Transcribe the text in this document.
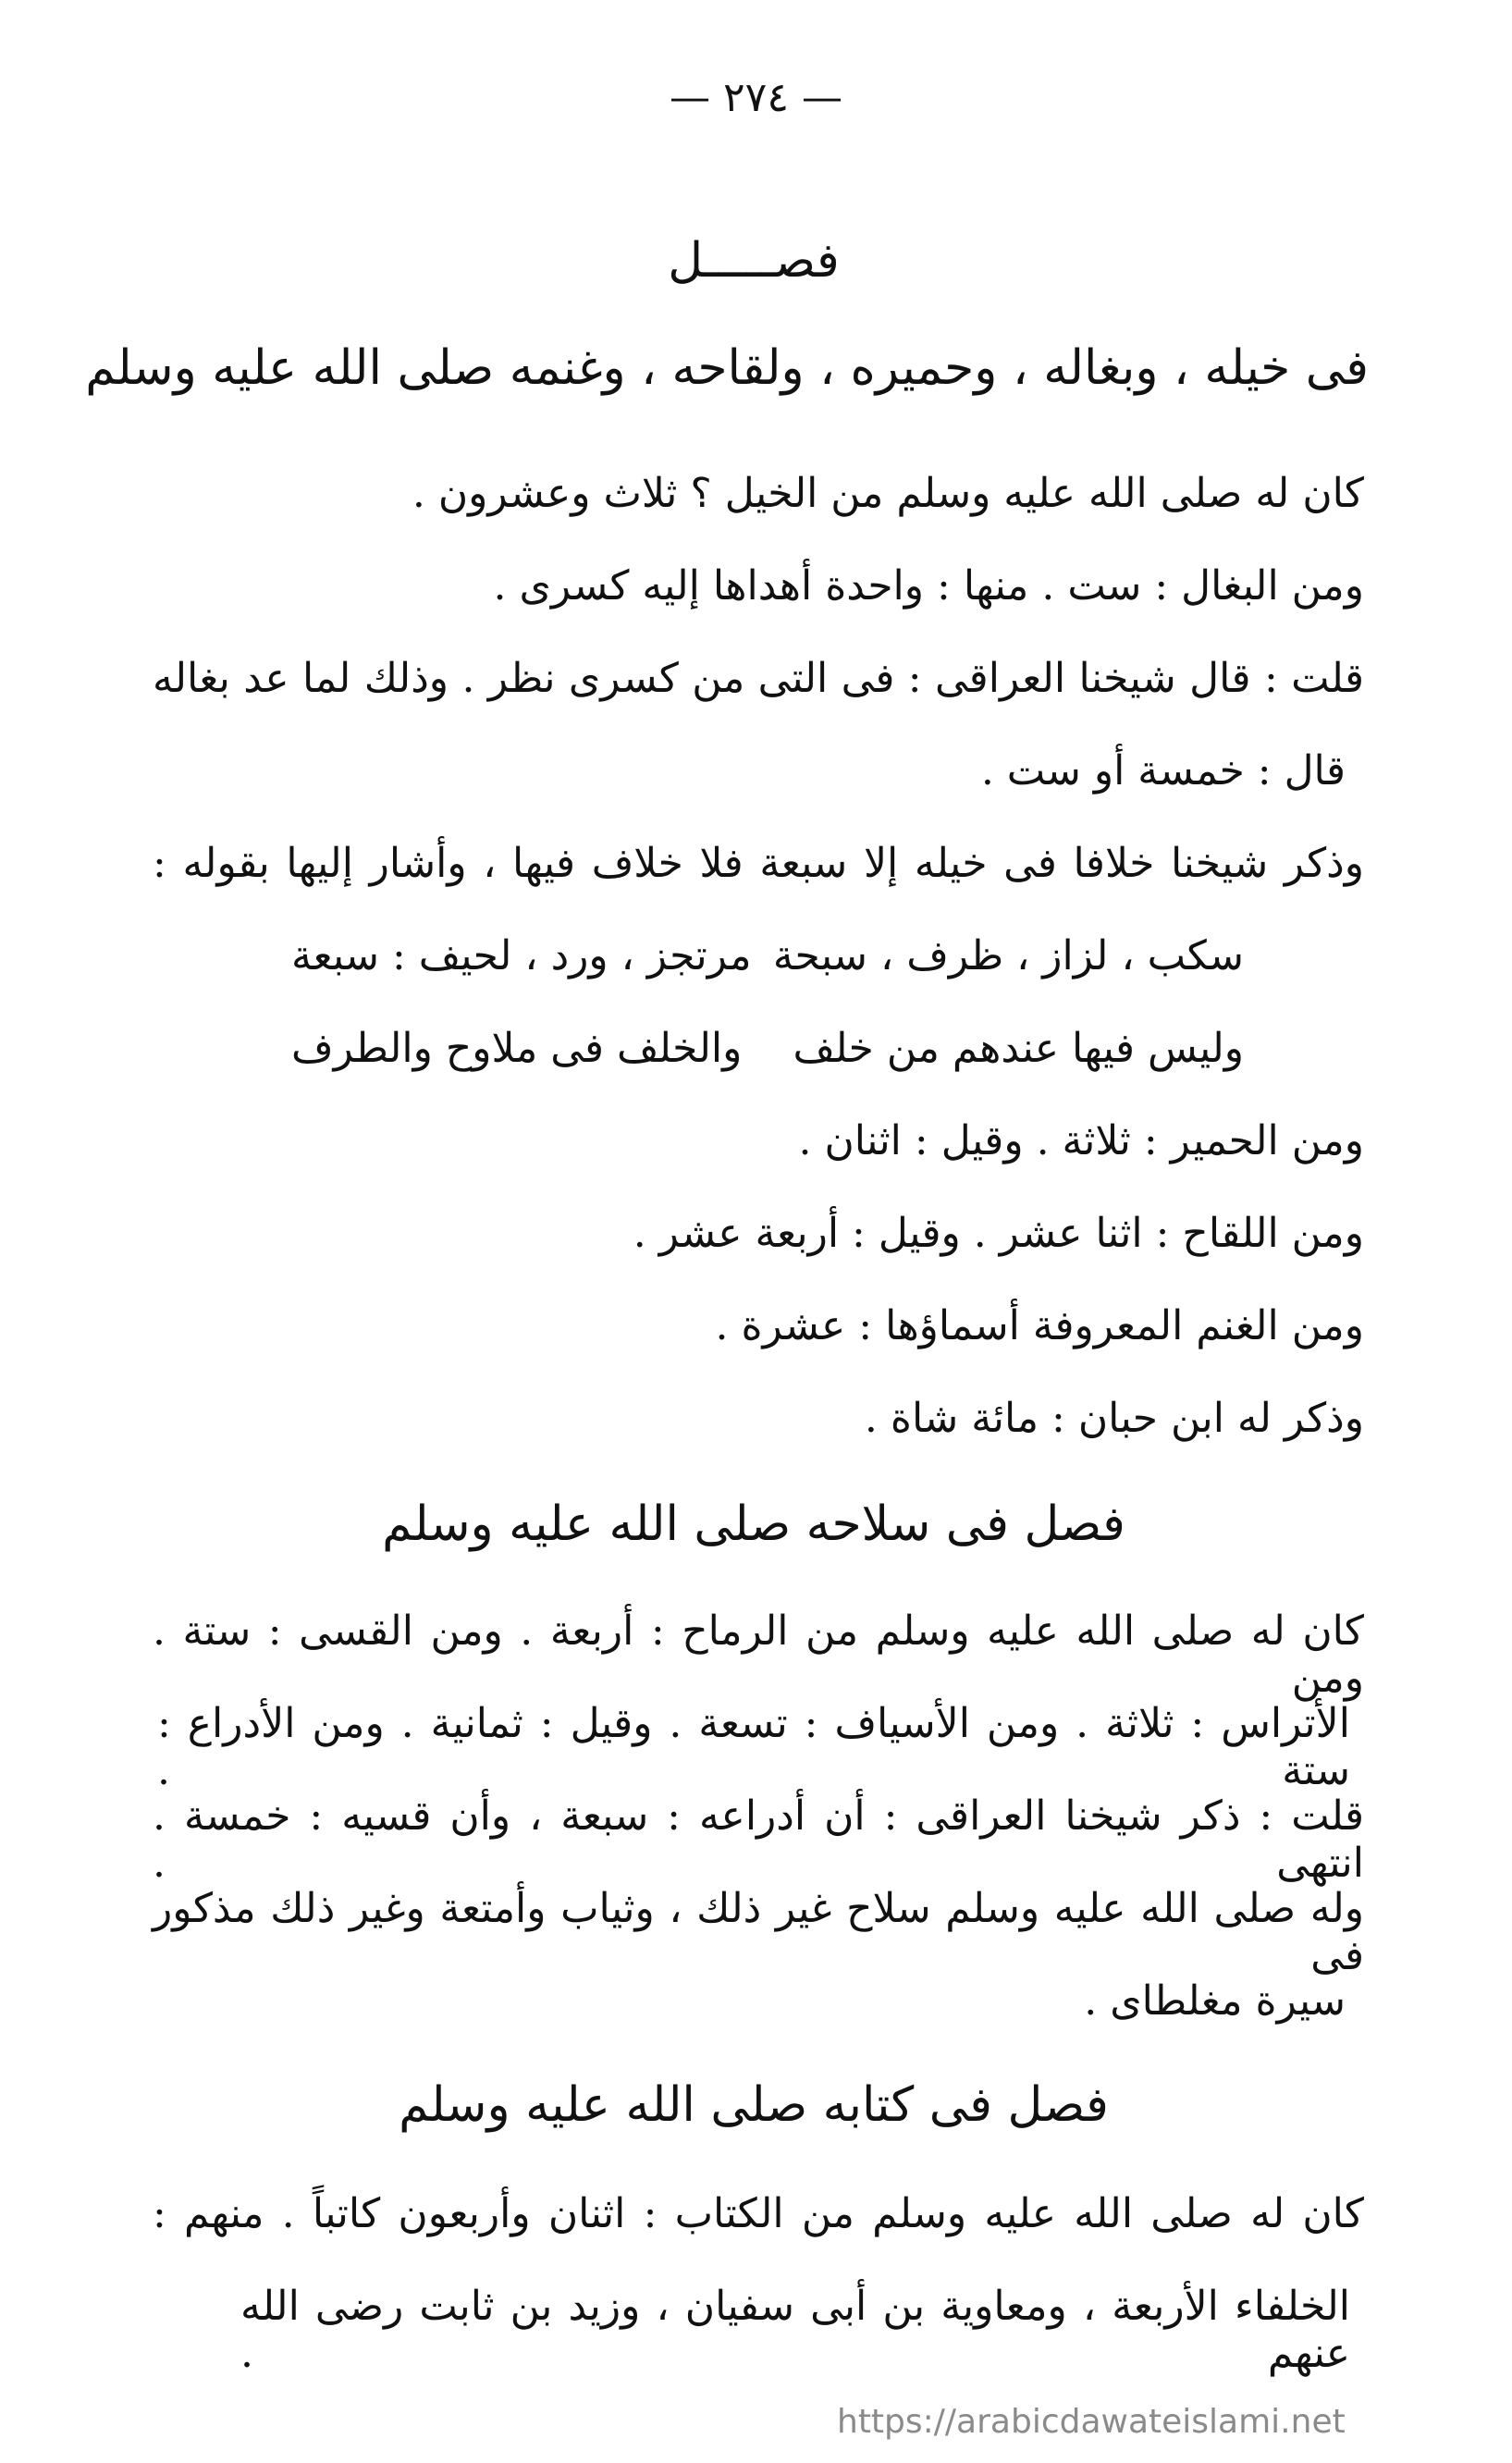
— ٢٧٤ —
فصـــــل
فى خيله ، وبغاله ، وحميره ، ولقاحه ، وغنمه صلى الله عليه وسلم
كان له صلى الله عليه وسلم من الخيل ؟ ثلاث وعشرون .
ومن البغال : ست . منها : واحدة أهداها إليه كسرى .
قلت : قال شيخنا العراقى : فى التى من كسرى نظر . وذلك لما عد بغاله
قال : خمسة أو ست .
وذكر شيخنا خلافا فى خيله إلا سبعة فلا خلاف فيها ، وأشار إليها بقوله :
سكب ، لزاز ، ظرف ، سبحة
مرتجز ، ورد ، لحيف : سبعة
وليس فيها عندهم من خلف
والخلف فى ملاوح والطرف
ومن الحمير : ثلاثة . وقيل : اثنان .
ومن اللقاح : اثنا عشر . وقيل : أربعة عشر .
ومن الغنم المعروفة أسماؤها : عشرة .
وذكر له ابن حبان : مائة شاة .
فصل فى سلاحه صلى الله عليه وسلم
كان له صلى الله عليه وسلم من الرماح : أربعة . ومن القسى : ستة . ومن
الأتراس : ثلاثة . ومن الأسياف : تسعة . وقيل : ثمانية . ومن الأدراع : ستة .
قلت : ذكر شيخنا العراقى : أن أدراعه : سبعة ، وأن قسيه : خمسة . انتهى .
وله صلى الله عليه وسلم سلاح غير ذلك ، وثياب وأمتعة وغير ذلك مذكور فى
سيرة مغلطاى .
فصل فى كتابه صلى الله عليه وسلم
كان له صلى الله عليه وسلم من الكتاب : اثنان وأربعون كاتباً . منهم :
الخلفاء الأربعة ، ومعاوية بن أبى سفيان ، وزيد بن ثابت رضى الله عنهم .
https://arabicdawateislami.net
